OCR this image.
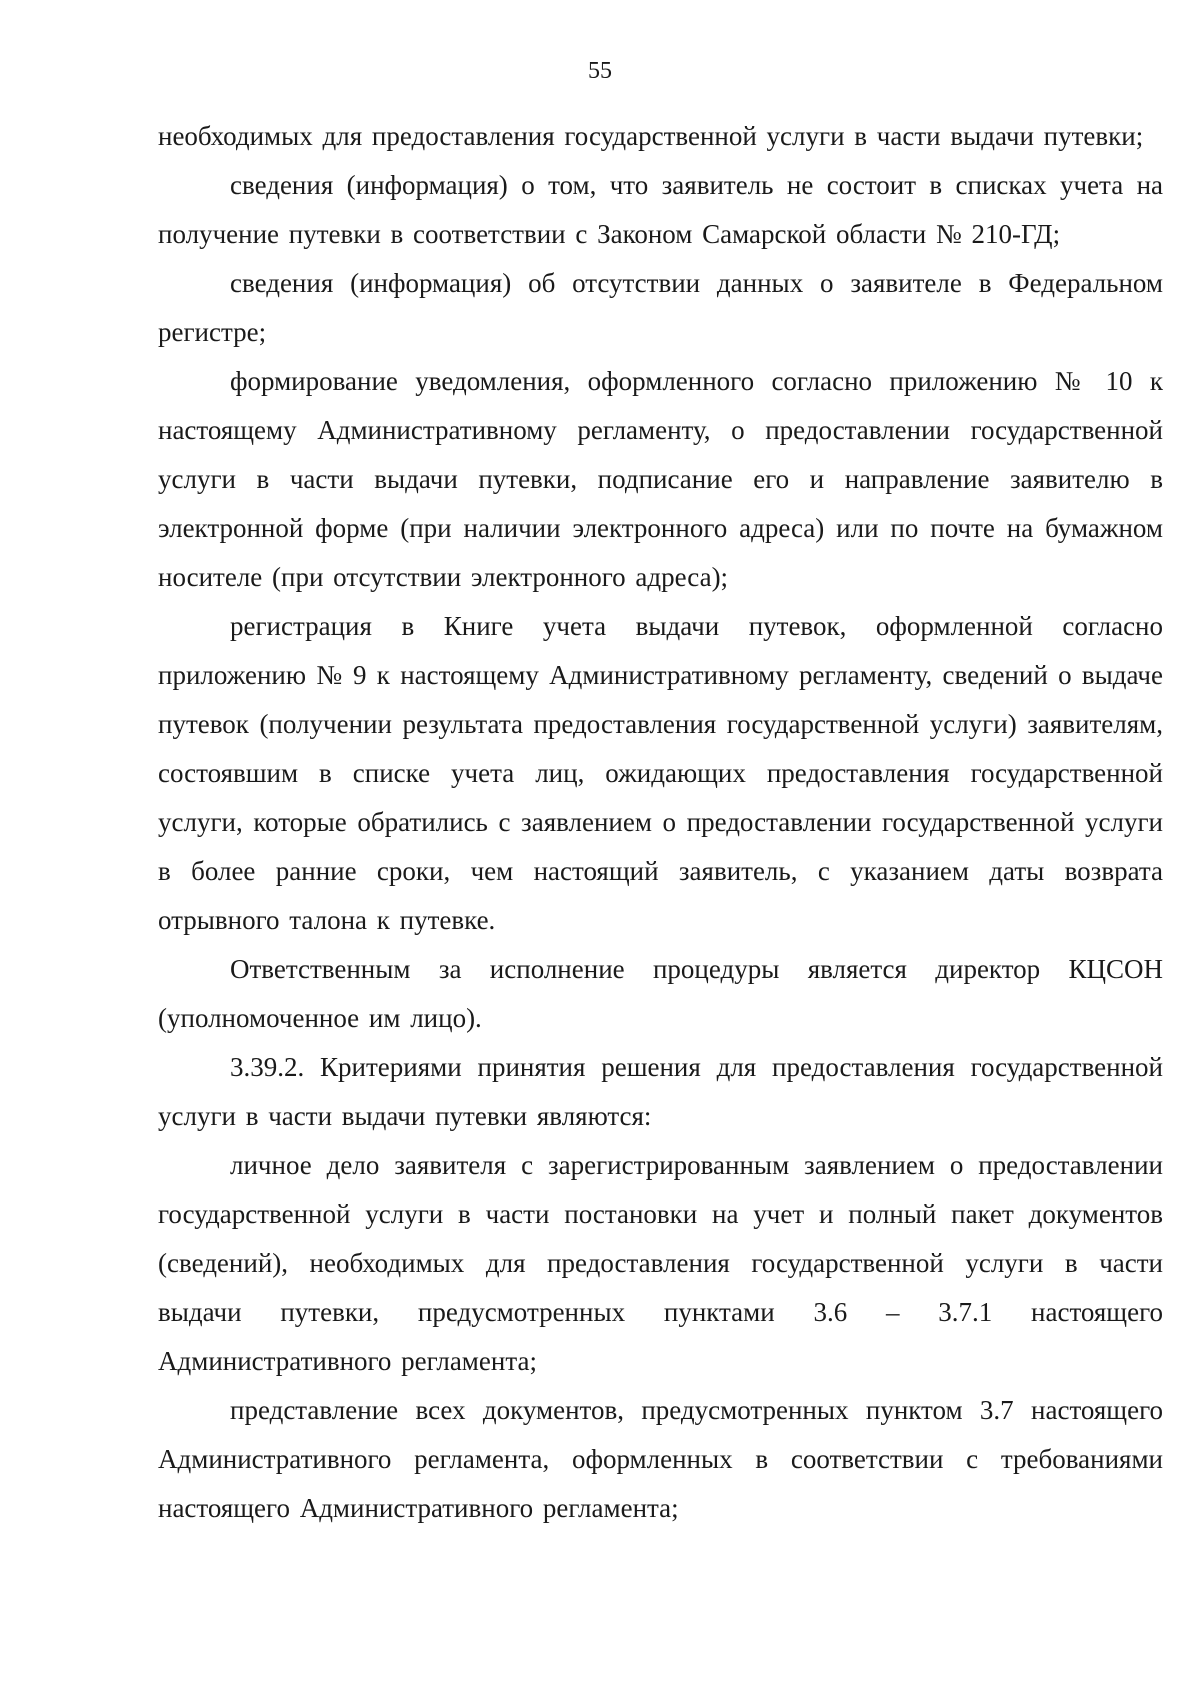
55

необходимых для предоставления государственной услуги в части выдачи путевки;

сведения (информация) о том, что заявитель не состоит в списках учета на получение путевки в соответствии с Законом Самарской области № 210-ГД;

сведения (информация) об отсутствии данных о заявителе в Федеральном регистре;

формирование уведомления, оформленного согласно приложению № 10 к настоящему Административному регламенту, о предоставлении государственной услуги в части выдачи путевки, подписание его и направление заявителю в электронной форме (при наличии электронного адреса) или по почте на бумажном носителе (при отсутствии электронного адреса);

регистрация в Книге учета выдачи путевок, оформленной согласно приложению № 9 к настоящему Административному регламенту, сведений о выдаче путевок (получении результата предоставления государственной услуги) заявителям, состоявшим в списке учета лиц, ожидающих предоставления государственной услуги, которые обратились с заявлением о предоставлении государственной услуги в более ранние сроки, чем настоящий заявитель, с указанием даты возврата отрывного талона к путевке.

Ответственным за исполнение процедуры является директор КЦСОН (уполномоченное им лицо).

3.39.2. Критериями принятия решения для предоставления государственной услуги в части выдачи путевки являются:

личное дело заявителя с зарегистрированным заявлением о предоставлении государственной услуги в части постановки на учет и полный пакет документов (сведений), необходимых для предоставления государственной услуги в части выдачи путевки, предусмотренных пунктами 3.6 – 3.7.1 настоящего Административного регламента;

представление всех документов, предусмотренных пунктом 3.7 настоящего Административного регламента, оформленных в соответствии с требованиями настоящего Административного регламента;
